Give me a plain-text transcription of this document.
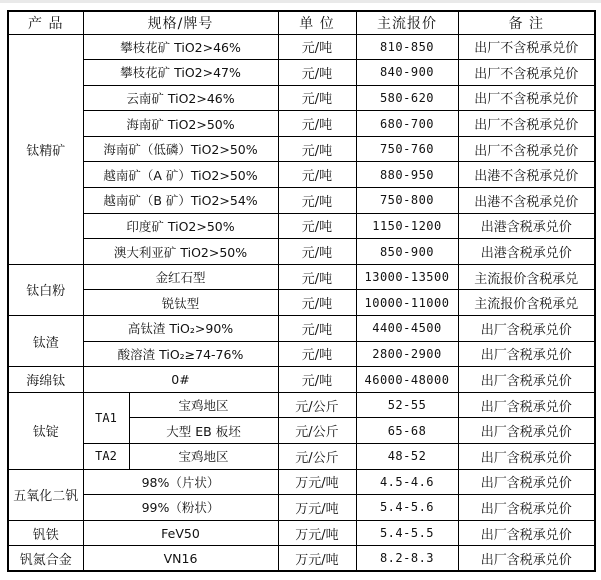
产 品	规格/牌号		单 位	主流报价	备 注
钛精矿	攀枝花矿 TiO2>46%		元/吨	810-850	出厂不含税承兑价
	攀枝花矿 TiO2>47%		元/吨	840-900	出厂不含税承兑价
	云南矿 TiO2>46%		元/吨	580-620	出厂不含税承兑价
	海南矿 TiO2>50%		元/吨	680-700	出厂不含税承兑价
	海南矿（低磷）TiO2>50%		元/吨	750-760	出厂不含税承兑价
	越南矿（A 矿）TiO2>50%		元/吨	880-950	出港不含税承兑价
	越南矿（B 矿）TiO2>54%		元/吨	750-800	出港不含税承兑价
	印度矿 TiO2>50%		元/吨	1150-1200	出港含税承兑价
	澳大利亚矿 TiO2>50%		元/吨	850-900	出港含税承兑价
钛白粉	金红石型		元/吨	13000-13500	主流报价含税承兑
	锐钛型		元/吨	10000-11000	主流报价含税承兑
钛渣	高钛渣 TiO₂>90%		元/吨	4400-4500	出厂含税承兑价
	酸溶渣 TiO₂≥74-76%		元/吨	2800-2900	出厂含税承兑价
海绵钛	0#		元/吨	46000-48000	出厂含税承兑价
钛锭	TA1	宝鸡地区	元/公斤	52-55	出厂含税承兑价
		大型 EB 板坯	元/公斤	65-68	出厂含税承兑价
	TA2	宝鸡地区	元/公斤	48-52	出厂含税承兑价
五氧化二钒	98%（片状）		万元/吨	4.5-4.6	出厂含税承兑价
	99%（粉状）		万元/吨	5.4-5.6	出厂含税承兑价
钒铁	FeV50		万元/吨	5.4-5.5	出厂含税承兑价
钒氮合金	VN16		万元/吨	8.2-8.3	出厂含税承兑价
